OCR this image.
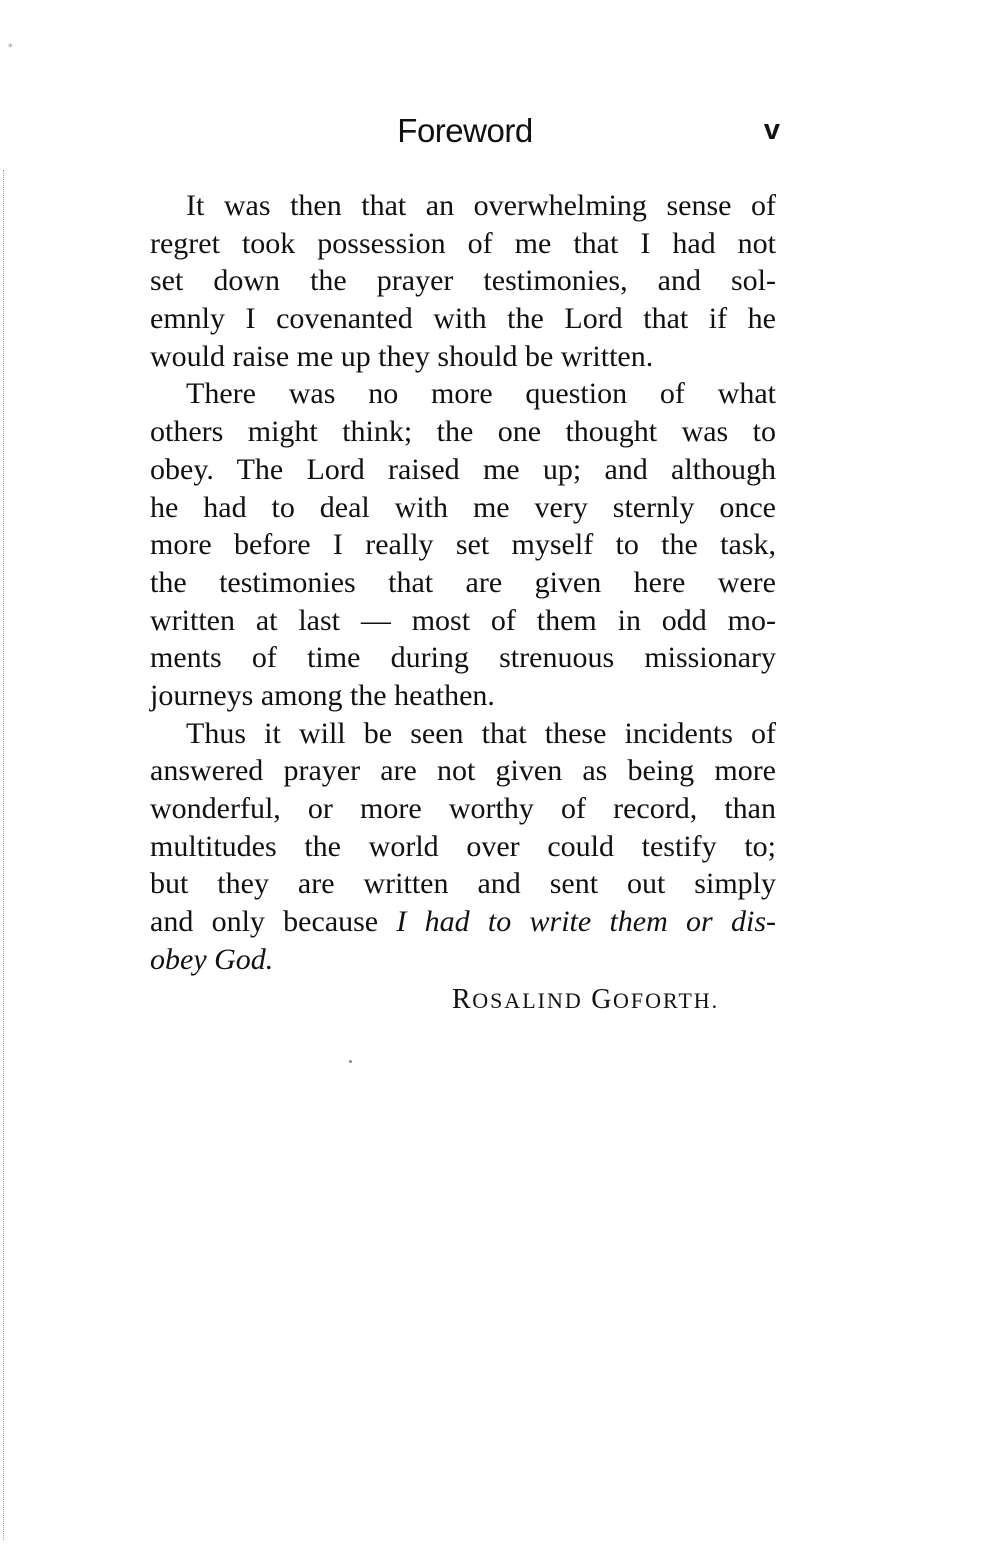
⁎
Foreword	v
It was then that an overwhelming sense of
regret took possession of me that I had not
set down the prayer testimonies, and sol-
emnly I covenanted with the Lord that if he
would raise me up they should be written.
There was no more question of what
others might think; the one thought was to
obey. The Lord raised me up; and although
he had to deal with me very sternly once
more before I really set myself to the task,
the testimonies that are given here were
written at last — most of them in odd mo-
ments of time during strenuous missionary
journeys among the heathen.
Thus it will be seen that these incidents of
answered prayer are not given as being more
wonderful, or more worthy of record, than
multitudes the world over could testify to;
but they are written and sent out simply
and only because I had to write them or dis-
obey God.
ROSALIND GOFORTH.
